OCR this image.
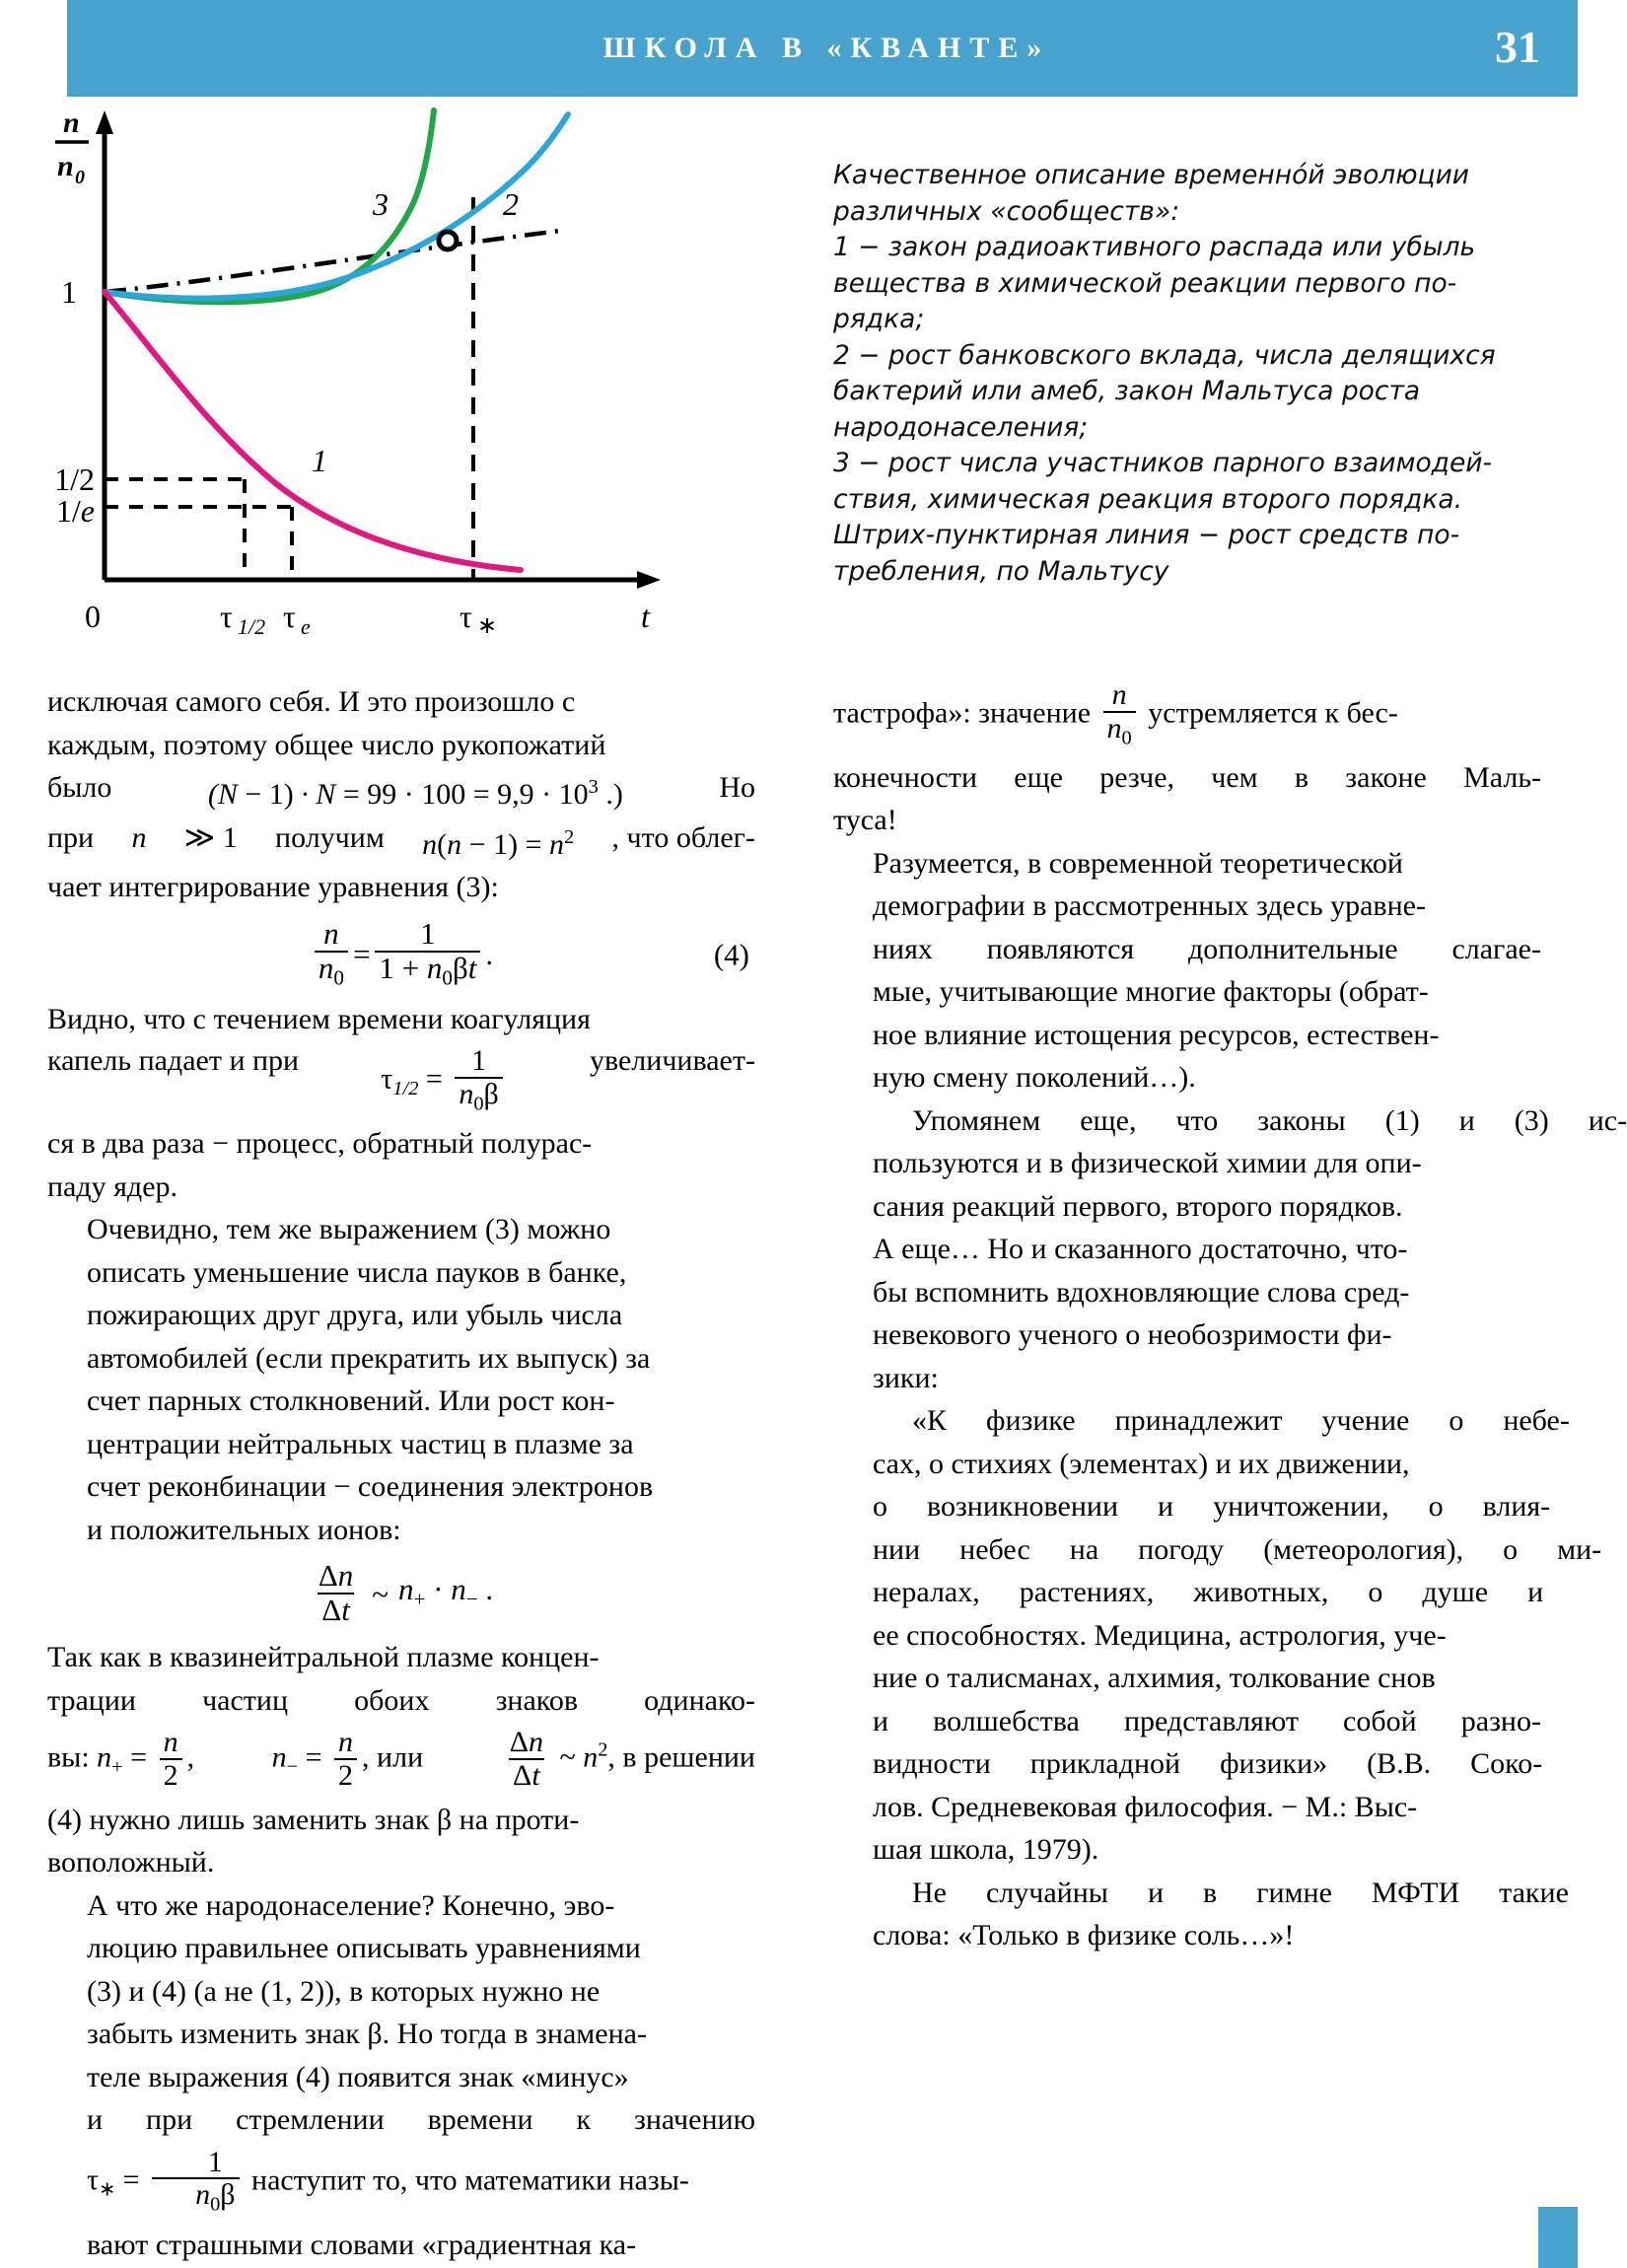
ШКОЛА В «КВАНТЕ»	31
n
n 0
1
1/2
1/e
0	τ 1/2 τ e	τ ∗	t
3	2
1
Качественное описание временно́й эволюции
различных «сообществ»:
1 − закон радиоактивного распада или убыль
вещества в химической реакции первого по-
рядка;
2 − рост банковского вклада, числа делящихся
бактерий или амеб, закон Мальтуса роста
народонаселения;
3 − рост числа участников парного взаимодей-
ствия, химическая реакция второго порядка.
Штрих-пунктирная линия − рост средств по-
требления, по Мальтусу
исключая самого себя. И это произошло с
каждым, поэтому общее число рукопожатий
было	$(N - 1) \cdot N = 99 \cdot 100 = 9,9 \cdot 10^3$ .)	Но
при n ≫ 1 получим $n(n - 1) = n^2$ , что облег-
чает интегрирование уравнения (3):
$\frac{n}{n_0} = \frac{1}{1 + n_0\beta t}$ .	(4)
Видно, что с течением времени коагуляция
капель падает и при
$\tau_{1/2} = \frac{1}{n_0\beta}$	увеличивает-
ся в два раза − процесс, обратный полурас-
паду ядер.
Очевидно, тем же выражением (3) можно
описать уменьшение числа пауков в банке,
пожирающих друг друга, или убыль числа
автомобилей (если прекратить их выпуск) за
счет парных столкновений. Или рост кон-
центрации нейтральных частиц в плазме за
счет реконбинации − соединения электронов
и положительных ионов:
$\frac{\Delta n}{\Delta t}$ ~ $n_+ \cdot n_-$ .
Так как в квазинейтральной плазме концен-
трации частиц обоих знаков одинако-
вы: $n_+ = \frac{n}{2}$ ,	$n_- = \frac{n}{2}$ , или	$\frac{\Delta n}{\Delta t}$ ~ $n^2$, в решении
(4) нужно лишь заменить знак β на проти-
воположный.
А что же народонаселение? Конечно, эво-
люцию правильнее описывать уравнениями
(3) и (4) (а не (1, 2)), в которых нужно не
забыть изменить знак β. Но тогда в знамена-
теле выражения (4) появится знак «минус»
и	при	стремлении	времени	к	значению
$\tau_∗ = \frac{1}{n_0\beta}$ наступит то, что математики назы-
вают страшными словами «градиентная ка-
тастрофа»: значение $\frac{n}{n_0}$ устремляется к бес-
конечности еще резче, чем в законе Маль-
туса!
Разумеется, в современной теоретической
демографии в рассмотренных здесь уравне-
ниях	появляются	дополнительные	слагае-
мые, учитывающие многие факторы (обрат-
ное влияние истощения ресурсов, естествен-
ную смену поколений…).
Упомянем	еще,	что	законы	(1)	и	(3)	ис-
пользуются и в физической химии для опи-
сания реакций первого, второго порядков.
А еще… Но и сказанного достаточно, что-
бы вспомнить вдохновляющие слова сред-
невекового ученого о необозримости фи-
зики:
«К	физике	принадлежит	учение	о	небе-
сах, о стихиях (элементах) и их движении,
о	возникновении	и	уничтожении,	о	влия-
нии	небес	на	погоду	(метеорология),	о	ми-
нералах,	растениях,	животных,	о	душе	и
ее способностях. Медицина, астрология, уче-
ние о талисманах, алхимия, толкование снов
и	волшебства	представляют	собой	разно-
видности	прикладной	физики»	(В.В.	Соко-
лов. Средневековая философия. − М.: Выс-
шая школа, 1979).
Не	случайны	и	в	гимне	МФТИ	такие
слова: «Только в физике соль…»!
